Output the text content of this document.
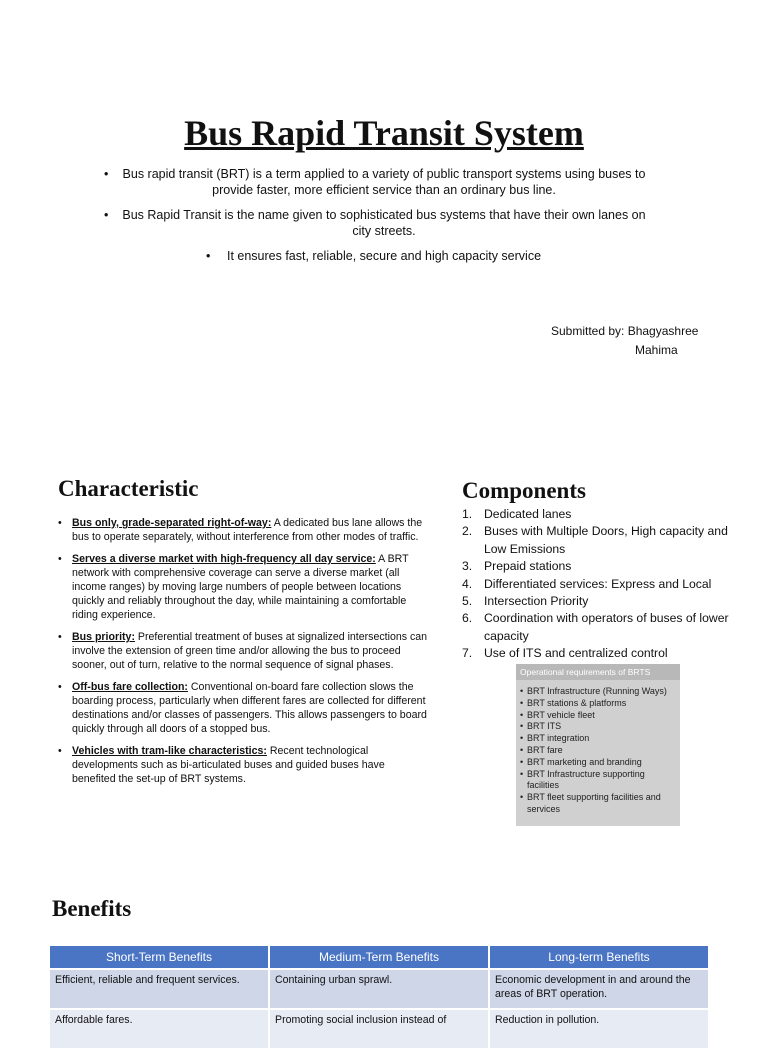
Bus Rapid Transit System
• Bus rapid transit (BRT) is a term applied to a variety of public transport systems using buses to provide faster, more efficient service than an ordinary bus line.
• Bus Rapid Transit is the name given to sophisticated bus systems that have their own lanes on city streets.
• It ensures fast, reliable, secure and high capacity service
Submitted by: Bhagyashree
Mahima
Characteristic
• Bus only, grade-separated right-of-way: A dedicated bus lane allows the bus to operate separately, without interference from other modes of traffic.
• Serves a diverse market with high-frequency all day service: A BRT network with comprehensive coverage can serve a diverse market (all income ranges) by moving large numbers of people between locations quickly and reliably throughout the day, while maintaining a comfortable riding experience.
• Bus priority: Preferential treatment of buses at signalized intersections can involve the extension of green time and/or allowing the bus to proceed sooner, out of turn, relative to the normal sequence of signal phases.
• Off-bus fare collection: Conventional on-board fare collection slows the boarding process, particularly when different fares are collected for different destinations and/or classes of passengers. This allows passengers to board quickly through all doors of a stopped bus.
• Vehicles with tram-like characteristics: Recent technological developments such as bi-articulated buses and guided buses have benefited the set-up of BRT systems.
Components
1. Dedicated lanes
2. Buses with Multiple Doors, High capacity and Low Emissions
3. Prepaid stations
4. Differentiated services: Express and Local
5. Intersection Priority
6. Coordination with operators of buses of lower capacity
7. Use of ITS and centralized control
Operational requirements of BRTS
• BRT Infrastructure (Running Ways)
• BRT stations & platforms
• BRT vehicle fleet
• BRT ITS
• BRT integration
• BRT fare
• BRT marketing and branding
• BRT Infrastructure supporting facilities
• BRT fleet supporting facilities and services
Benefits
Short-Term Benefits	Medium-Term Benefits	Long-term Benefits
Efficient, reliable and frequent services.	Containing urban sprawl.	Economic development in and around the areas of BRT operation.
Affordable fares.	Promoting social inclusion instead of	Reduction in pollution.
